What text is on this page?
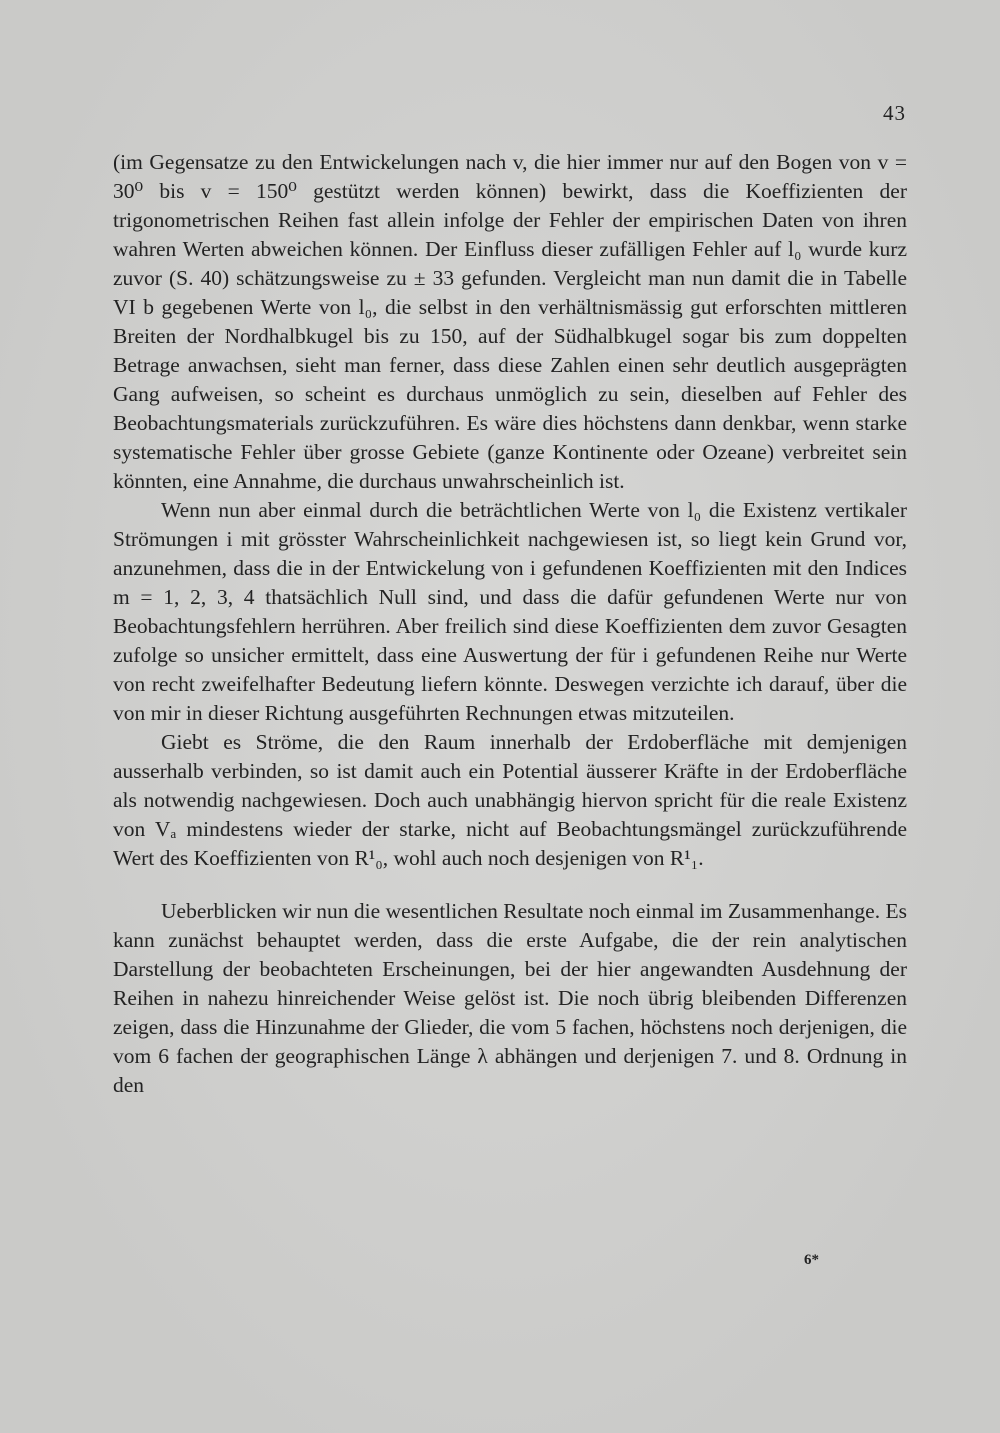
43

(im Gegensatze zu den Entwickelungen nach v, die hier immer nur auf den Bogen von v = 30⁰ bis v = 150⁰ gestützt werden können) bewirkt, dass die Koeffizienten der trigonometrischen Reihen fast allein infolge der Fehler der empirischen Daten von ihren wahren Werten abweichen können. Der Einfluss dieser zufälligen Fehler auf l₀ wurde kurz zuvor (S. 40) schätzungsweise zu ± 33 gefunden. Vergleicht man nun damit die in Tabelle VI b gegebenen Werte von l₀, die selbst in den verhältnismässig gut erforschten mittleren Breiten der Nordhalbkugel bis zu 150, auf der Südhalbkugel sogar bis zum doppelten Betrage anwachsen, sieht man ferner, dass diese Zahlen einen sehr deutlich ausgeprägten Gang aufweisen, so scheint es durchaus unmöglich zu sein, dieselben auf Fehler des Beobachtungsmaterials zurückzuführen. Es wäre dies höchstens dann denkbar, wenn starke systematische Fehler über grosse Gebiete (ganze Kontinente oder Ozeane) verbreitet sein könnten, eine Annahme, die durchaus unwahrscheinlich ist.

Wenn nun aber einmal durch die beträchtlichen Werte von l₀ die Existenz vertikaler Strömungen i mit grösster Wahrscheinlichkeit nachgewiesen ist, so liegt kein Grund vor, anzunehmen, dass die in der Entwickelung von i gefundenen Koeffizienten mit den Indices m = 1, 2, 3, 4 thatsächlich Null sind, und dass die dafür gefundenen Werte nur von Beobachtungsfehlern herrühren. Aber freilich sind diese Koeffizienten dem zuvor Gesagten zufolge so unsicher ermittelt, dass eine Auswertung der für i gefundenen Reihe nur Werte von recht zweifelhafter Bedeutung liefern könnte. Deswegen verzichte ich darauf, über die von mir in dieser Richtung ausgeführten Rechnungen etwas mitzuteilen.

Giebt es Ströme, die den Raum innerhalb der Erdoberfläche mit demjenigen ausserhalb verbinden, so ist damit auch ein Potential äusserer Kräfte in der Erdoberfläche als notwendig nachgewiesen. Doch auch unabhängig hiervon spricht für die reale Existenz von Vₐ mindestens wieder der starke, nicht auf Beobachtungsmängel zurückzuführende Wert des Koeffizienten von R¹₀, wohl auch noch desjenigen von R¹₁.

Ueberblicken wir nun die wesentlichen Resultate noch einmal im Zusammenhange. Es kann zunächst behauptet werden, dass die erste Aufgabe, die der rein analytischen Darstellung der beobachteten Erscheinungen, bei der hier angewandten Ausdehnung der Reihen in nahezu hinreichender Weise gelöst ist. Die noch übrig bleibenden Differenzen zeigen, dass die Hinzunahme der Glieder, die vom 5 fachen, höchstens noch derjenigen, die vom 6 fachen der geographischen Länge λ abhängen und derjenigen 7. und 8. Ordnung in den

6*
